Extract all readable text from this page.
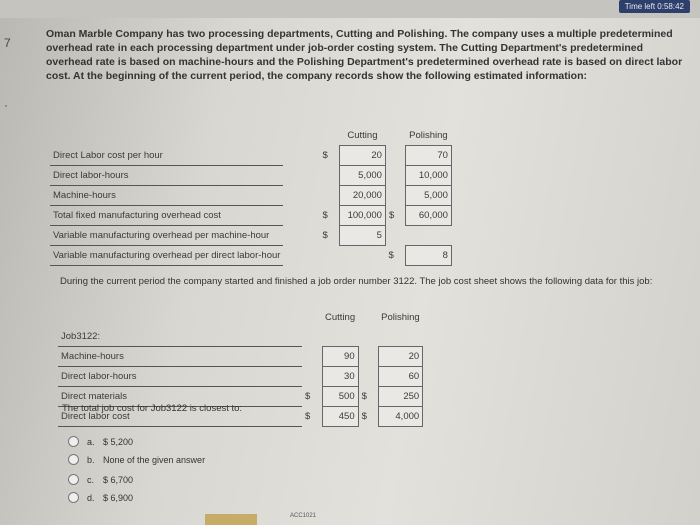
Time left 0:58:42
7
·
Oman Marble Company has two processing departments, Cutting and Polishing. The company uses a multiple predetermined overhead rate in each processing department under job-order costing system. The Cutting Department's predetermined overhead rate is based on machine-hours and the Polishing Department's predetermined overhead rate is based on direct labor cost. At the beginning of the current period, the company records show the following estimated information:
			Cutting		Polishing
Direct Labor cost per hour		$	20		70
Direct labor-hours			5,000		10,000
Machine-hours			20,000		5,000
Total fixed manufacturing overhead cost		$	100,000	$	60,000
Variable manufacturing overhead per machine-hour		$	5		
Variable manufacturing overhead per direct labor-hour				$	8
During the current period the company started and finished a job order number 3122. The job cost sheet shows the following data for this job:
		Cutting		Polishing
Job3122:				
Machine-hours		90		20
Direct labor-hours		30		60
Direct materials	$	500	$	250
Direct labor cost	$	450	$	4,000
The total job cost for Job3122 is closest to:
a. $ 5,200
b. None of the given answer
c. $ 6,700
d. $ 6,900
ACC1021
